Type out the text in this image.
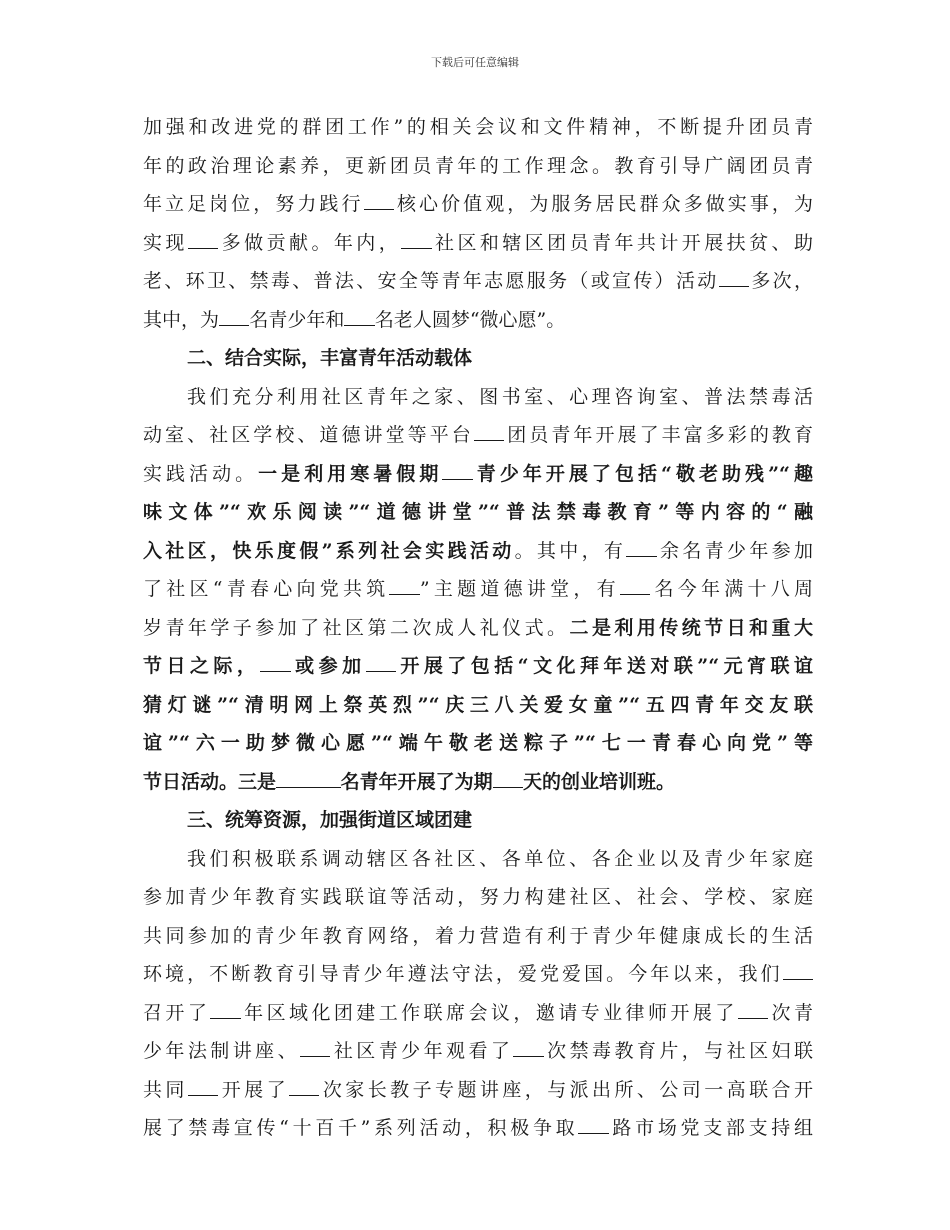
下载后可任意编辑
加强和改进党的群团工作”的相关会议和文件精神，不断提升团员青
年的政治理论素养，更新团员青年的工作理念。教育引导广阔团员青
年立足岗位，努力践行 核心价值观，为服务居民群众多做实事，为
实现 多做贡献。年内， 社区和辖区团员青年共计开展扶贫、助
老、环卫、禁毒、普法、安全等青年志愿服务（或宣传）活动 多次，
其中，为 名青少年和 名老人圆梦“微心愿”。
二、结合实际，丰富青年活动载体
我们充分利用社区青年之家、图书室、心理咨询室、普法禁毒活
动室、社区学校、道德讲堂等平台 团员青年开展了丰富多彩的教育
实践活动。一是利用寒暑假期 青少年开展了包括“敬老助残”“趣
味文体”“欢乐阅读”“道德讲堂”“普法禁毒教育”等内容的“融
入社区，快乐度假”系列社会实践活动。其中，有 余名青少年参加
了社区“青春心向党共筑 ”主题道德讲堂，有 名今年满十八周
岁青年学子参加了社区第二次成人礼仪式。二是利用传统节日和重大
节日之际， 或参加 开展了包括“文化拜年送对联”“元宵联谊
猜灯谜”“清明网上祭英烈”“庆三八关爱女童”“五四青年交友联
谊”“六一助梦微心愿”“端午敬老送粽子”“七一青春心向党”等
节日活动。三是	名青年开展了为期 天的创业培训班。
三、统筹资源，加强街道区域团建
我们积极联系调动辖区各社区、各单位、各企业以及青少年家庭
参加青少年教育实践联谊等活动，努力构建社区、社会、学校、家庭
共同参加的青少年教育网络，着力营造有利于青少年健康成长的生活
环境，不断教育引导青少年遵法守法，爱党爱国。今年以来，我们
召开了 年区域化团建工作联席会议，邀请专业律师开展了 次青
少年法制讲座、 社区青少年观看了 次禁毒教育片，与社区妇联
共同 开展了 次家长教子专题讲座，与派出所、公司一高联合开
展了禁毒宣传“十百千”系列活动，积极争取 路市场党支部支持组
